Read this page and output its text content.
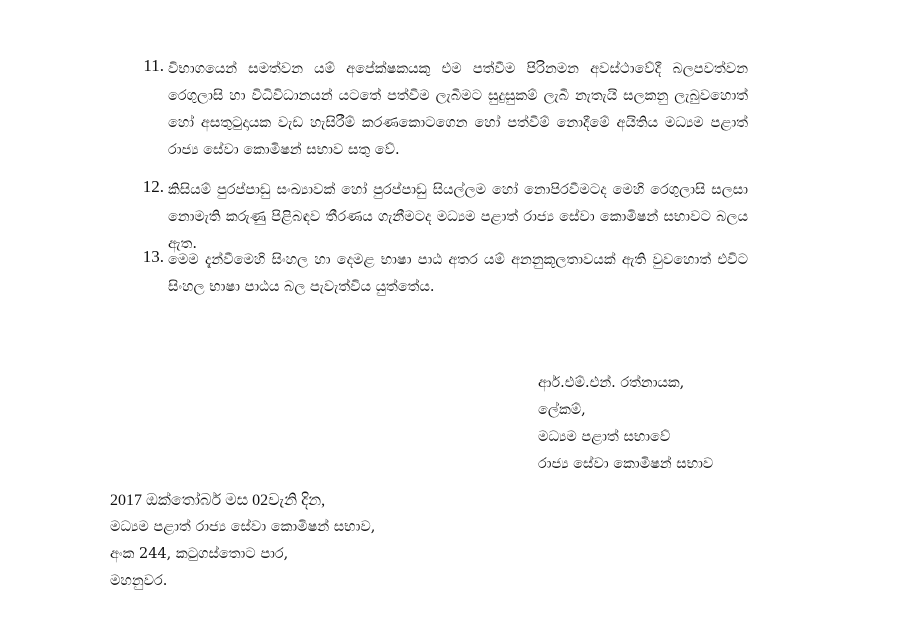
11. විභාගයෙන් සමත්වන යම් අපේක්ෂකයකු එම පත්වීම පිරිනමන අවස්ථාවේදී බලපවත්වන රෙගුලාසි හා විධිවිධානයන් යටතේ පත්වීම ලැබීමට සුදුසුකම් ලැබී නැතැයි සලකනු ලැබුවහොත් හෝ අසතුටුදායක වැඩ හැසිරීම් කරණකොටගෙන හෝ පත්වීම් නොදීමේ අයිතිය මධ්‍යම පළාත් රාජ්‍ය සේවා කොමිෂන් සභාව සතු වේ.
12. කිසියම් පුරප්පාඩු සංඛ්‍යාවක් හෝ පුරප්පාඩු සියල්ලම හෝ නොපිරවීමටද මෙහි රෙගුලාසි සලසා නොමැති කරුණු පිළිබඳව තීරණය ගැනීමටද මධ්‍යම පළාත් රාජ්‍ය සේවා කොමිෂන් සභාවට බලය ඇත.
13. මෙම දැන්වීමෙහි සිංහල හා දෙමළ භාෂා පාඨ අතර යම් අනනුකූලතාවයක් ඇති වුවහොත් එවිට සිංහල භාෂා පාඨය බල පැවැත්විය යුත්තේය.
ආර්.එම්.එන්. රත්නායක,
ලේකම්,
මධ්‍යම පළාත් සභාවේ
රාජ්‍ය සේවා කොමිෂන් සභාව
2017 ඔක්තෝබර් මස 02වැනි දින,
මධ්‍යම පළාත් රාජ්‍ය සේවා කොමිෂන් සභාව,
අංක 244, කටුගස්තොට පාර,
මහනුවර.
